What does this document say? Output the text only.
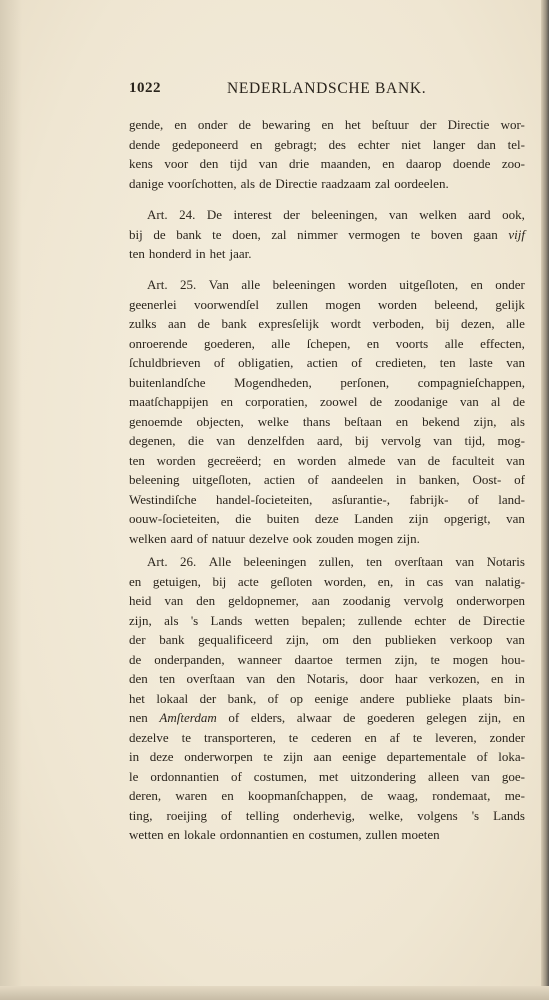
1022	NEDERLANDSCHE BANK.
gende, en onder de bewaring en het beſtuur der Directie wor-
dende gedeponeerd en gebragt; des echter niet langer dan tel-
kens voor den tijd van drie maanden, en daarop doende zoo-
danige voorſchotten, als de Directie raadzaam zal oordeelen.
Art. 24. De interest der beleeningen, van welken aard ook,
bij de bank te doen, zal nimmer vermogen te boven gaan vijf
ten honderd in het jaar.
Art. 25. Van alle beleeningen worden uitgeſloten, en onder
geenerlei voorwendſel zullen mogen worden beleend, gelijk
zulks aan de bank expresſelijk wordt verboden, bij dezen, alle
onroerende goederen, alle ſchepen, en voorts alle effecten,
ſchuldbrieven of obligatien, actien of credieten, ten laste van
buitenlandſche Mogendheden, perſonen, compagnieſchappen,
maatſchappijen en corporatien, zoowel de zoodanige van al de
genoemde objecten, welke thans beſtaan en bekend zijn, als
degenen, die van denzelfden aard, bij vervolg van tijd, mog-
ten worden gecreëerd; en worden almede van de faculteit van
beleening uitgeſloten, actien of aandeelen in banken, Oost- of
Westindiſche handel-ſocieteiten, asſurantie-, fabrijk- of land-
oouw-ſocieteiten, die buiten deze Landen zijn opgerigt, van
welken aard of natuur dezelve ook zouden mogen zijn.
Art. 26. Alle beleeningen zullen, ten overſtaan van Notaris
en getuigen, bij acte geſloten worden, en, in cas van nalatig-
heid van den geldopnemer, aan zoodanig vervolg onderworpen
zijn, als 's Lands wetten bepalen; zullende echter de Directie
der bank gequalificeerd zijn, om den publieken verkoop van
de onderpanden, wanneer daartoe termen zijn, te mogen hou-
den ten overſtaan van den Notaris, door haar verkozen, en in
het lokaal der bank, of op eenige andere publieke plaats bin-
nen Amſterdam of elders, alwaar de goederen gelegen zijn, en
dezelve te transporteren, te cederen en af te leveren, zonder
in deze onderworpen te zijn aan eenige departementale of loka-
le ordonnantien of costumen, met uitzondering alleen van goe-
deren, waren en koopmanſchappen, de waag, rondemaat, me-
ting, roeijing of telling onderhevig, welke, volgens 's Lands
wetten en lokale ordonnantien en costumen, zullen moeten
